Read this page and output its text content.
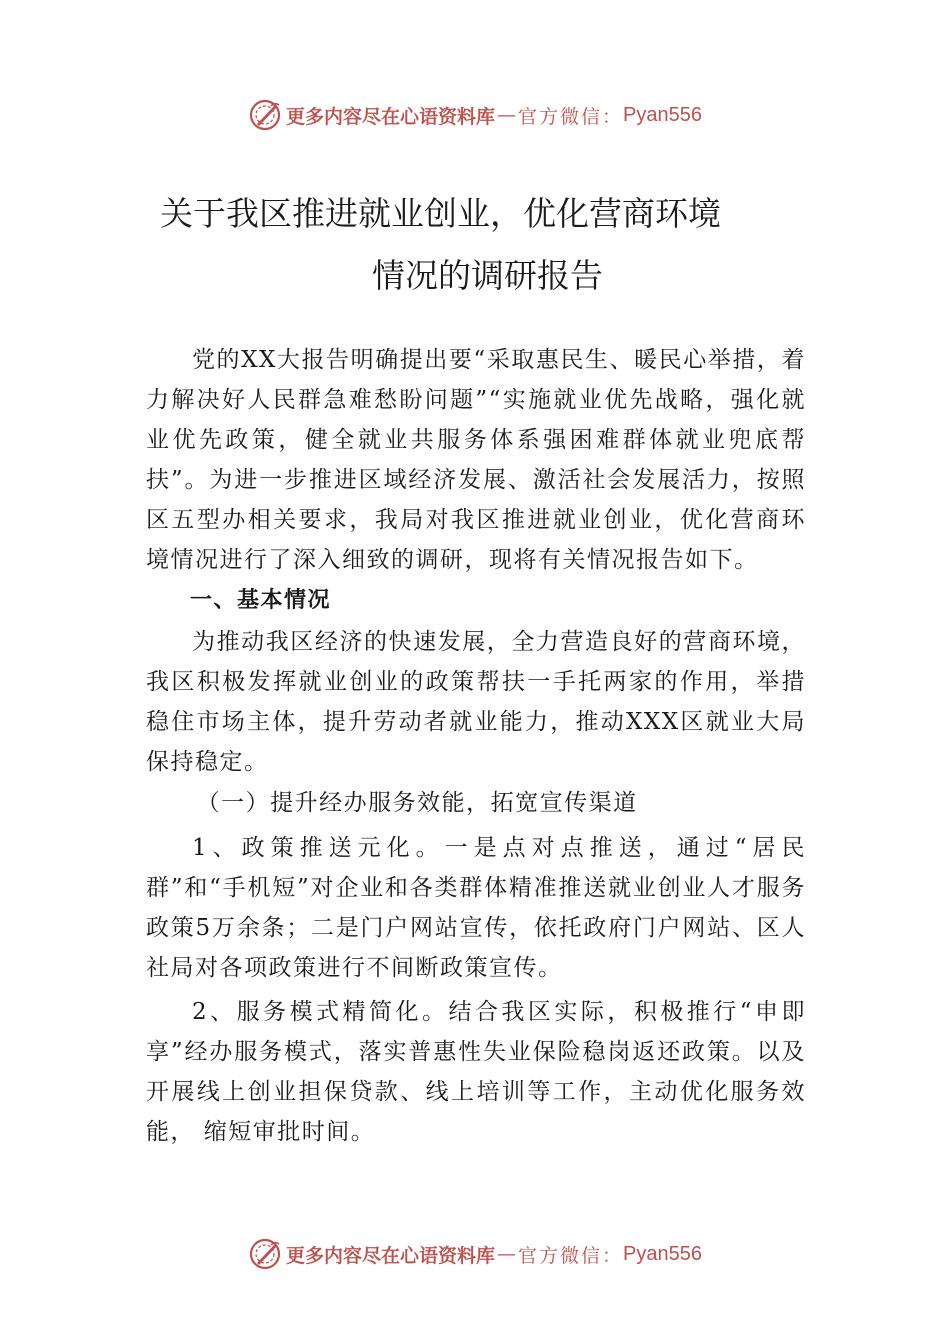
更多内容尽在心语资料库 — 官方微信： Pyan556
关于我区推进就业创业，优化营商环境
情况的调研报告

党的XX大报告明确提出要“采取惠民生、暖民心举措，着力解决好人民群急难愁盼问题”“实施就业优先战略，强化就业优先政策，健全就业共服务体系强困难群体就业兜底帮扶”。为进一步推进区域经济发展、激活社会发展活力，按照区五型办相关要求，我局对我区推进就业创业，优化营商环境情况进行了深入细致的调研，现将有关情况报告如下。

一、基本情况

为推动我区经济的快速发展，全力营造良好的营商环境，我区积极发挥就业创业的政策帮扶一手托两家的作用，举措稳住市场主体，提升劳动者就业能力，推动XXX区就业大局保持稳定。

（一）提升经办服务效能，拓宽宣传渠道

1、政策推送元化。一是点对点推送，通过“居民群”和“手机短”对企业和各类群体精准推送就业创业人才服务政策5万余条；二是门户网站宣传，依托政府门户网站、区人社局对各项政策进行不间断政策宣传。

2、服务模式精简化。结合我区实际，积极推行“申即享”经办服务模式，落实普惠性失业保险稳岗返还政策。以及开展线上创业担保贷款、线上培训等工作，主动优化服务效能， 缩短审批时间。

更多内容尽在心语资料库 — 官方微信： Pyan556
